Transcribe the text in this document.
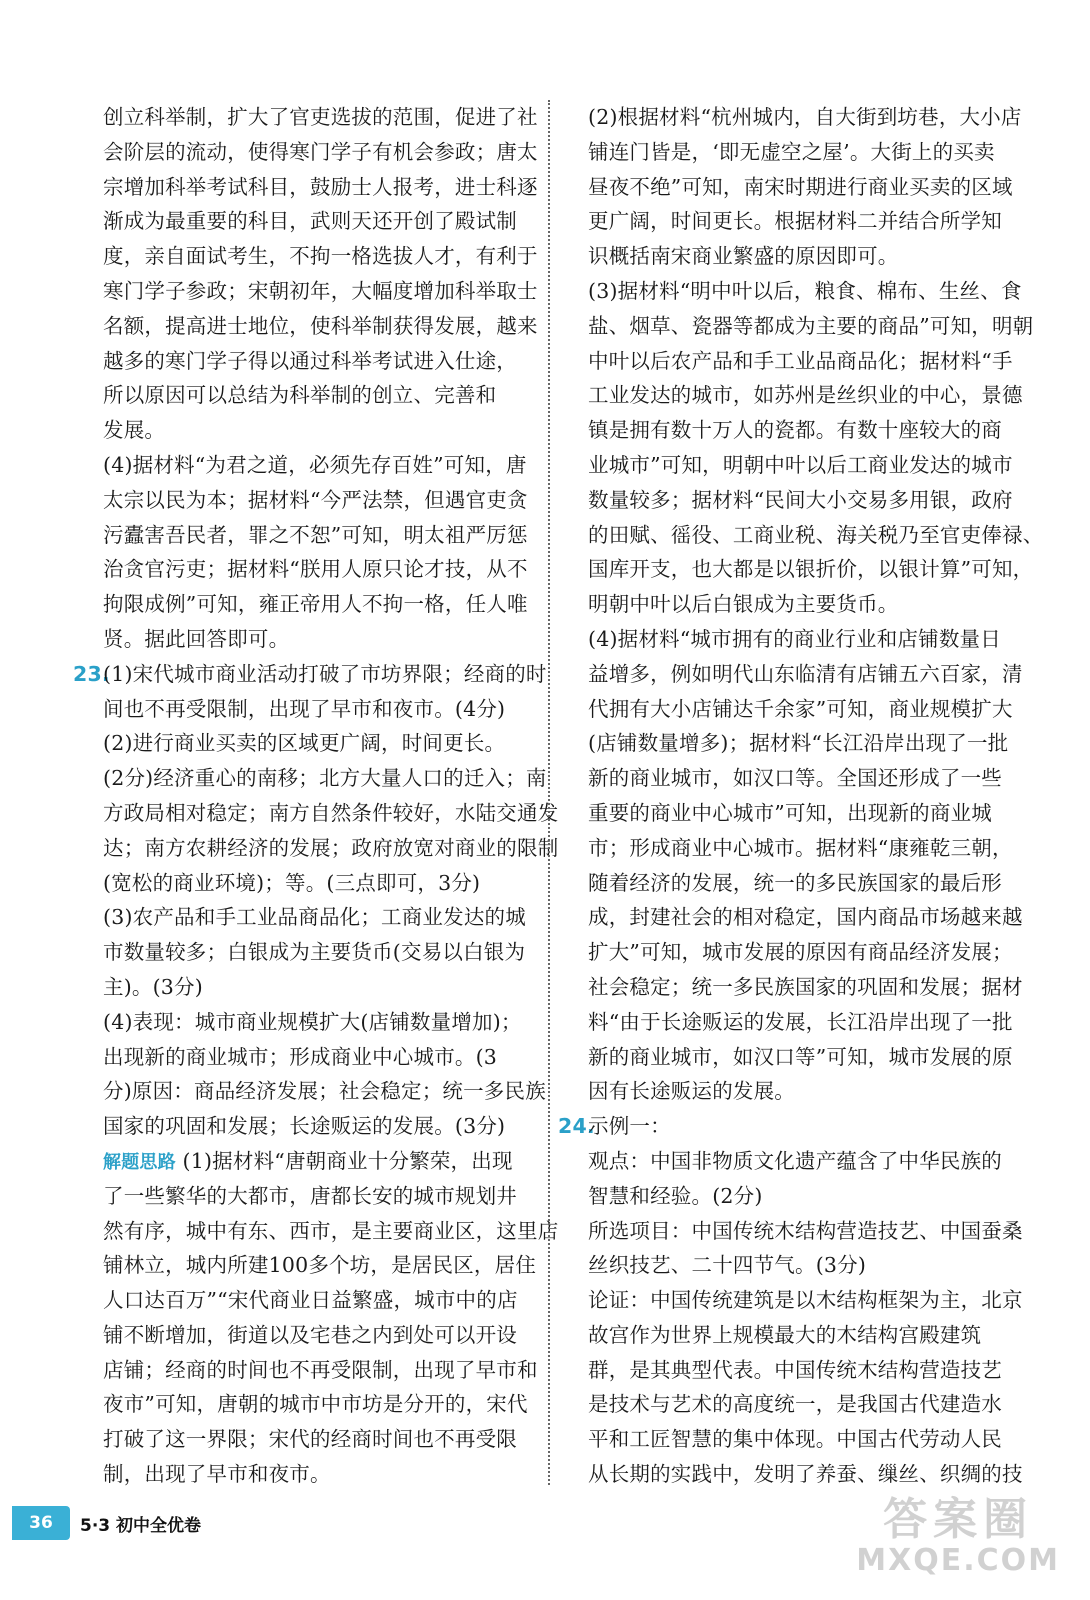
创立科举制，扩大了官吏选拔的范围，促进了社
会阶层的流动，使得寒门学子有机会参政；唐太
宗增加科举考试科目，鼓励士人报考，进士科逐
渐成为最重要的科目，武则天还开创了殿试制
度，亲自面试考生，不拘一格选拔人才，有利于
寒门学子参政；宋朝初年，大幅度增加科举取士
名额，提高进士地位，使科举制获得发展，越来
越多的寒门学子得以通过科举考试进入仕途，
所以原因可以总结为科举制的创立、完善和
发展。
(4)据材料“为君之道，必须先存百姓”可知，唐
太宗以民为本；据材料“今严法禁，但遇官吏贪
污蠹害吾民者，罪之不恕”可知，明太祖严厉惩
治贪官污吏；据材料“朕用人原只论才技，从不
拘限成例”可知，雍正帝用人不拘一格，任人唯
贤。据此回答即可。
23.(1)宋代城市商业活动打破了市坊界限；经商的时
间也不再受限制，出现了早市和夜市。(4分)
(2)进行商业买卖的区域更广阔，时间更长。
(2分)经济重心的南移；北方大量人口的迁入；南
方政局相对稳定；南方自然条件较好，水陆交通发
达；南方农耕经济的发展；政府放宽对商业的限制
(宽松的商业环境)；等。(三点即可，3分)
(3)农产品和手工业品商品化；工商业发达的城
市数量较多；白银成为主要货币(交易以白银为
主)。(3分)
(4)表现：城市商业规模扩大(店铺数量增加)；
出现新的商业城市；形成商业中心城市。(3
分)原因：商品经济发展；社会稳定；统一多民族
国家的巩固和发展；长途贩运的发展。(3分)
解题思路 (1)据材料“唐朝商业十分繁荣，出现
了一些繁华的大都市，唐都长安的城市规划井
然有序，城中有东、西市，是主要商业区，这里店
铺林立，城内所建100多个坊，是居民区，居住
人口达百万”“宋代商业日益繁盛，城市中的店
铺不断增加，街道以及宅巷之内到处可以开设
店铺；经商的时间也不再受限制，出现了早市和
夜市”可知，唐朝的城市中市坊是分开的，宋代
打破了这一界限；宋代的经商时间也不再受限
制，出现了早市和夜市。
(2)根据材料“杭州城内，自大街到坊巷，大小店
铺连门皆是，‘即无虚空之屋’。大街上的买卖
昼夜不绝”可知，南宋时期进行商业买卖的区域
更广阔，时间更长。根据材料二并结合所学知
识概括南宋商业繁盛的原因即可。
(3)据材料“明中叶以后，粮食、棉布、生丝、食
盐、烟草、瓷器等都成为主要的商品”可知，明朝
中叶以后农产品和手工业品商品化；据材料“手
工业发达的城市，如苏州是丝织业的中心，景德
镇是拥有数十万人的瓷都。有数十座较大的商
业城市”可知，明朝中叶以后工商业发达的城市
数量较多；据材料“民间大小交易多用银，政府
的田赋、徭役、工商业税、海关税乃至官吏俸禄、
国库开支，也大都是以银折价，以银计算”可知，
明朝中叶以后白银成为主要货币。
(4)据材料“城市拥有的商业行业和店铺数量日
益增多，例如明代山东临清有店铺五六百家，清
代拥有大小店铺达千余家”可知，商业规模扩大
(店铺数量增多)；据材料“长江沿岸出现了一批
新的商业城市，如汉口等。全国还形成了一些
重要的商业中心城市”可知，出现新的商业城
市；形成商业中心城市。据材料“康雍乾三朝，
随着经济的发展，统一的多民族国家的最后形
成，封建社会的相对稳定，国内商品市场越来越
扩大”可知，城市发展的原因有商品经济发展；
社会稳定；统一多民族国家的巩固和发展；据材
料“由于长途贩运的发展，长江沿岸出现了一批
新的商业城市，如汉口等”可知，城市发展的原
因有长途贩运的发展。
24.示例一：
观点：中国非物质文化遗产蕴含了中华民族的
智慧和经验。(2分)
所选项目：中国传统木结构营造技艺、中国蚕桑
丝织技艺、二十四节气。(3分)
论证：中国传统建筑是以木结构框架为主，北京
故宫作为世界上规模最大的木结构宫殿建筑
群，是其典型代表。中国传统木结构营造技艺
是技术与艺术的高度统一，是我国古代建造水
平和工匠智慧的集中体现。中国古代劳动人民
从长期的实践中，发明了养蚕、缫丝、织绸的技
36	5·3 初中全优卷	答案圈
MXQE.COM
